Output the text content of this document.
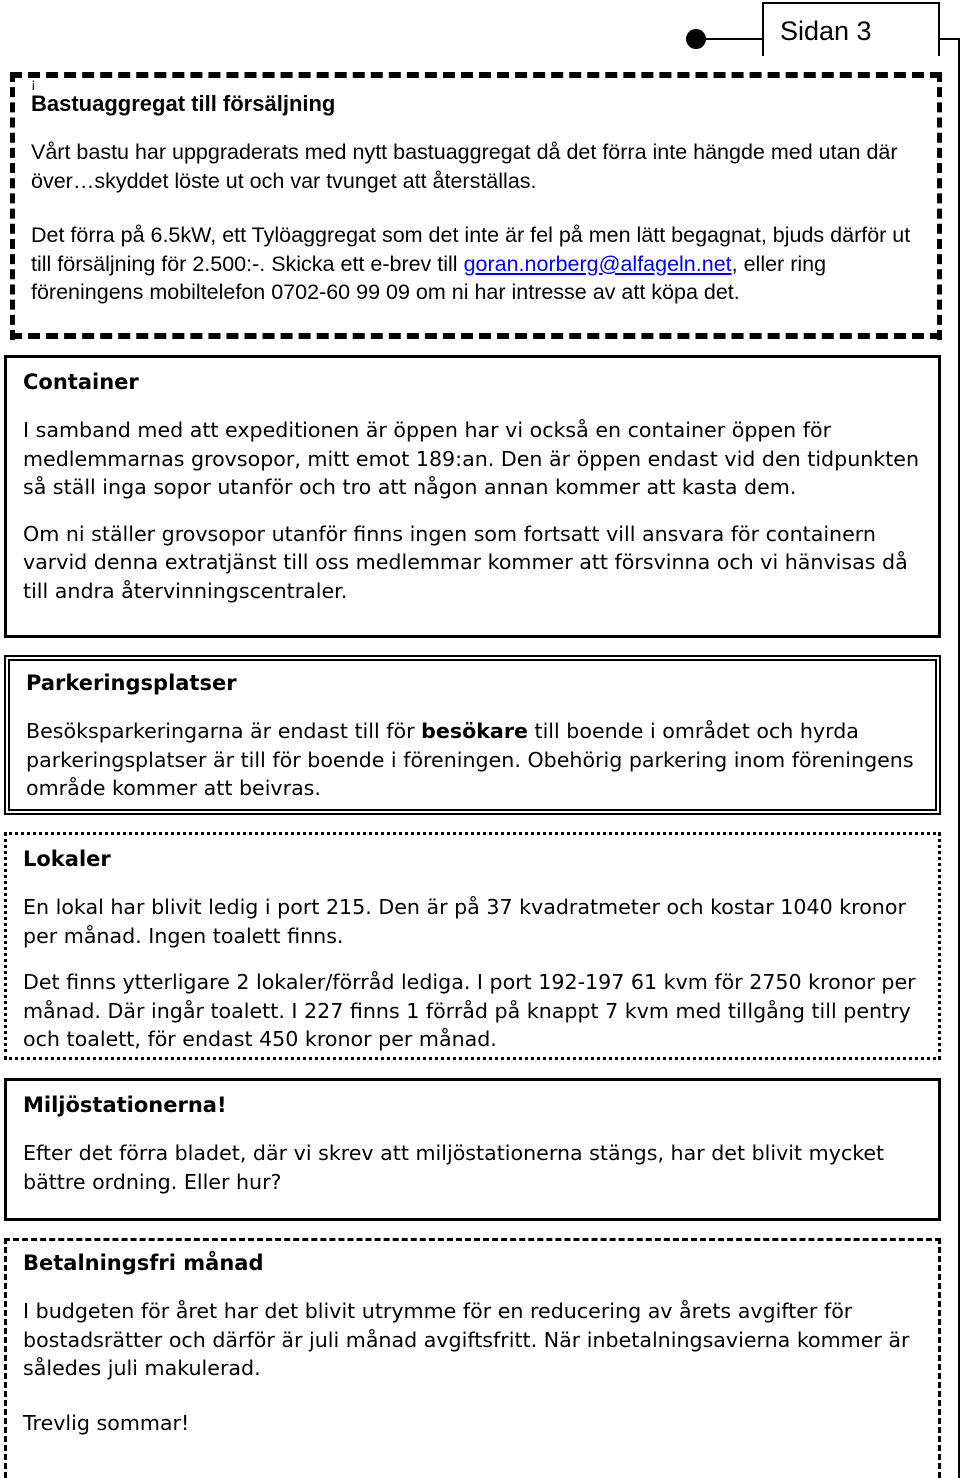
Sidan 3
¡
Bastuaggregat till försäljning

Vårt bastu har uppgraderats med nytt bastuaggregat då det förra inte hängde med utan där över…skyddet löste ut och var tvunget att återställas.

Det förra på 6.5kW, ett Tylöaggregat som det inte är fel på men lätt begagnat, bjuds därför ut till försäljning för 2.500:-. Skicka ett e-brev till goran.norberg@alfageln.net, eller ring föreningens mobiltelefon 0702-60 99 09 om ni har intresse av att köpa det.

Container

I samband med att expeditionen är öppen har vi också en container öppen för medlemmarnas grovsopor, mitt emot 189:an. Den är öppen endast vid den tidpunkten så ställ inga sopor utanför och tro att någon annan kommer att kasta dem.

Om ni ställer grovsopor utanför finns ingen som fortsatt vill ansvara för containern varvid denna extratjänst till oss medlemmar kommer att försvinna och vi hänvisas då till andra återvinningscentraler.

Parkeringsplatser

Besöksparkeringarna är endast till för besökare till boende i området och hyrda parkeringsplatser är till för boende i föreningen. Obehörig parkering inom föreningens område kommer att beivras.

Lokaler

En lokal har blivit ledig i port 215. Den är på 37 kvadratmeter och kostar 1040 kronor per månad. Ingen toalett finns.

Det finns ytterligare 2 lokaler/förråd lediga. I port 192-197 61 kvm för 2750 kronor per månad. Där ingår toalett. I 227 finns 1 förråd på knappt 7 kvm med tillgång till pentry och toalett, för endast 450 kronor per månad.

Miljöstationerna!

Efter det förra bladet, där vi skrev att miljöstationerna stängs, har det blivit mycket bättre ordning. Eller hur?

Betalningsfri månad

I budgeten för året har det blivit utrymme för en reducering av årets avgifter för bostadsrätter och därför är juli månad avgiftsfritt. När inbetalningsavierna kommer är således juli makulerad.

Trevlig sommar!
